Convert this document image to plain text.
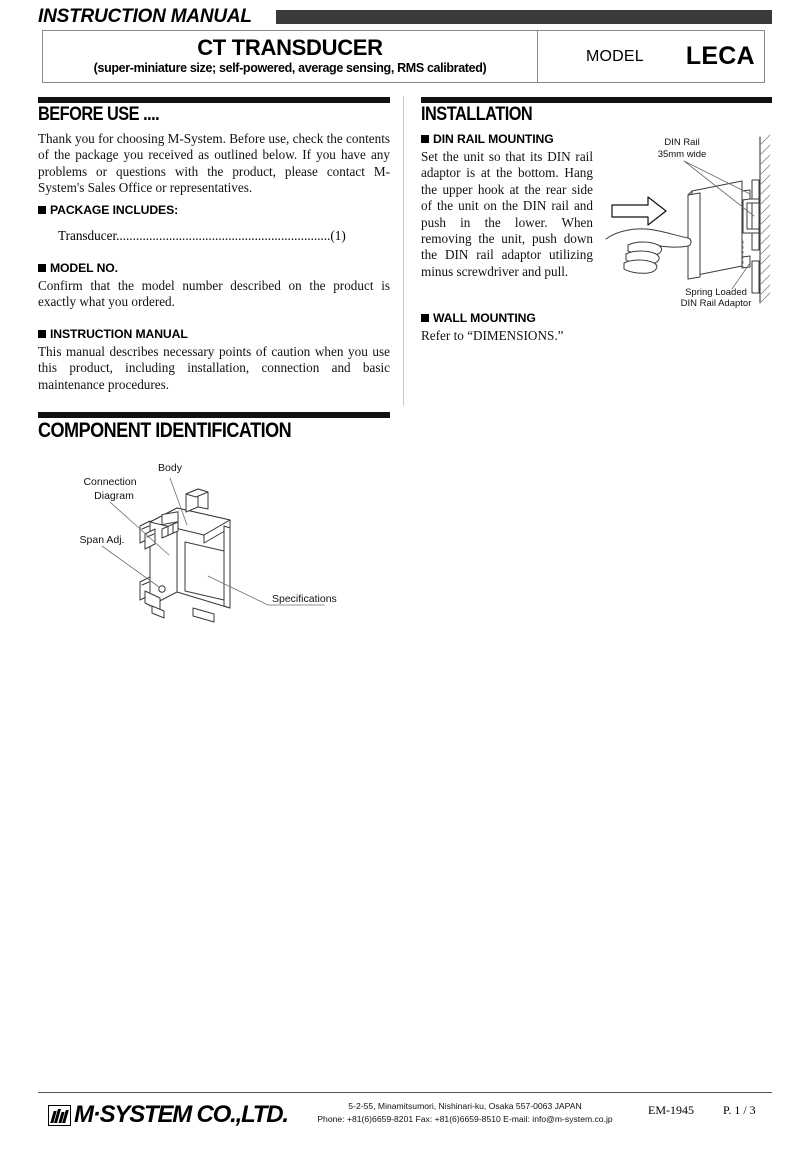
INSTRUCTION MANUAL
CT TRANSDUCER
(super-miniature size; self-powered, average sensing, RMS calibrated)
MODEL LECA
BEFORE USE ....
Thank you for choosing M-System. Before use, check the contents of the package you received as outlined below. If you have any problems or questions with the product, please contact M-System's Sales Office or representatives.
PACKAGE INCLUDES:
Transducer.................................................................(1)
MODEL NO.
Confirm that the model number described on the product is exactly what you ordered.
INSTRUCTION MANUAL
This manual describes necessary points of caution when you use this product, including installation, connection and basic maintenance procedures.
INSTALLATION
DIN RAIL MOUNTING
Set the unit so that its DIN rail adaptor is at the bottom. Hang the upper hook at the rear side of the unit on the DIN rail and push in the lower. When removing the unit, push down the DIN rail adaptor utilizing minus screwdriver and pull.
WALL MOUNTING
Refer to “DIMENSIONS.”
DIN Rail
35mm wide
Spring Loaded
DIN Rail Adaptor
COMPONENT IDENTIFICATION
Body
Connection
Diagram
Span Adj.
Specifications
M·SYSTEM CO.,LTD.	5-2-55, Minamitsumori, Nishinari-ku, Osaka 557-0063 JAPAN
Phone: +81(6)6659-8201 Fax: +81(6)6659-8510 E-mail: info@m-system.co.jp
EM-1945 P. 1 / 3
